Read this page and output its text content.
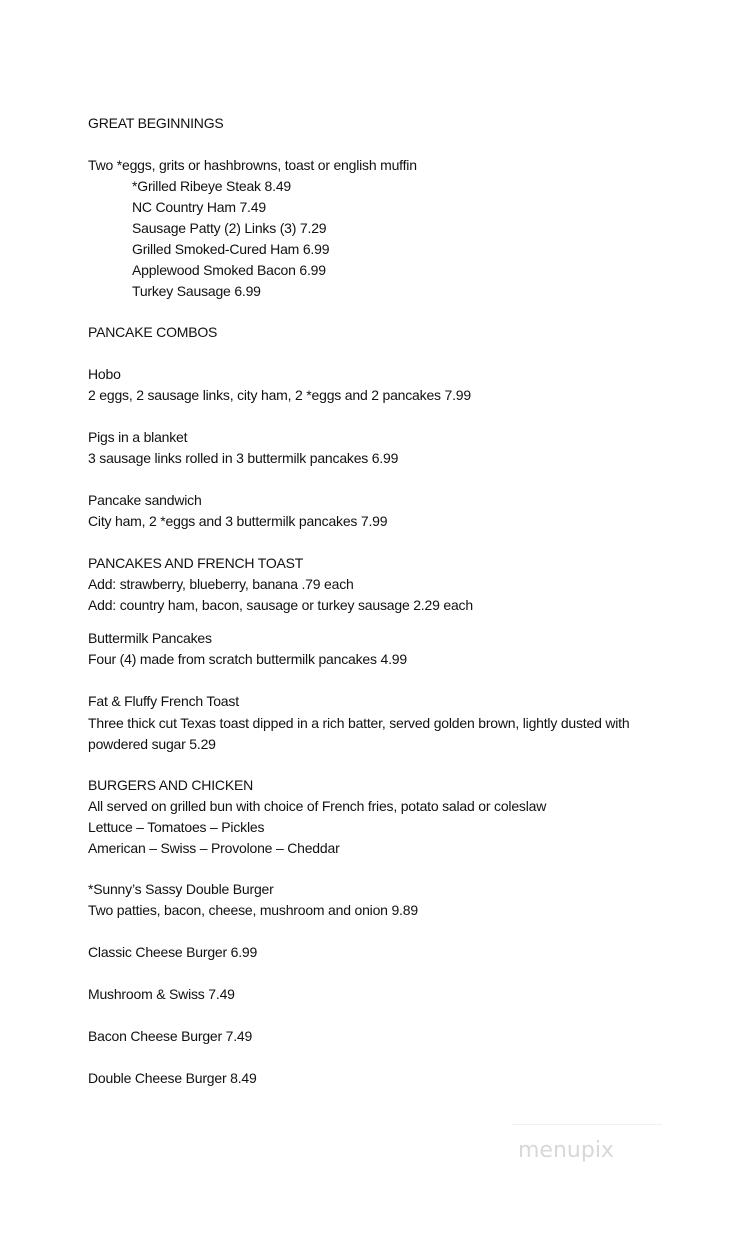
GREAT BEGINNINGS
Two *eggs, grits or hashbrowns, toast or english muffin
*Grilled Ribeye Steak 8.49
NC Country Ham 7.49
Sausage Patty (2) Links (3) 7.29
Grilled Smoked-Cured Ham 6.99
Applewood Smoked Bacon 6.99
Turkey Sausage 6.99
PANCAKE COMBOS
Hobo
2 eggs, 2 sausage links, city ham, 2 *eggs and 2 pancakes 7.99
Pigs in a blanket
3 sausage links rolled in 3 buttermilk pancakes 6.99
Pancake sandwich
City ham, 2 *eggs and 3 buttermilk pancakes 7.99
PANCAKES AND FRENCH TOAST
Add: strawberry, blueberry, banana .79 each
Add: country ham, bacon, sausage or turkey sausage 2.29 each
Buttermilk Pancakes
Four (4) made from scratch buttermilk pancakes 4.99
Fat & Fluffy French Toast
Three thick cut Texas toast dipped in a rich batter, served golden brown, lightly dusted with powdered sugar 5.29
BURGERS AND CHICKEN
All served on grilled bun with choice of French fries, potato salad or coleslaw
Lettuce – Tomatoes – Pickles
American – Swiss – Provolone – Cheddar
*Sunny’s Sassy Double Burger
Two patties, bacon, cheese, mushroom and onion 9.89
Classic Cheese Burger 6.99
Mushroom & Swiss 7.49
Bacon Cheese Burger 7.49
Double Cheese Burger 8.49
menupix
